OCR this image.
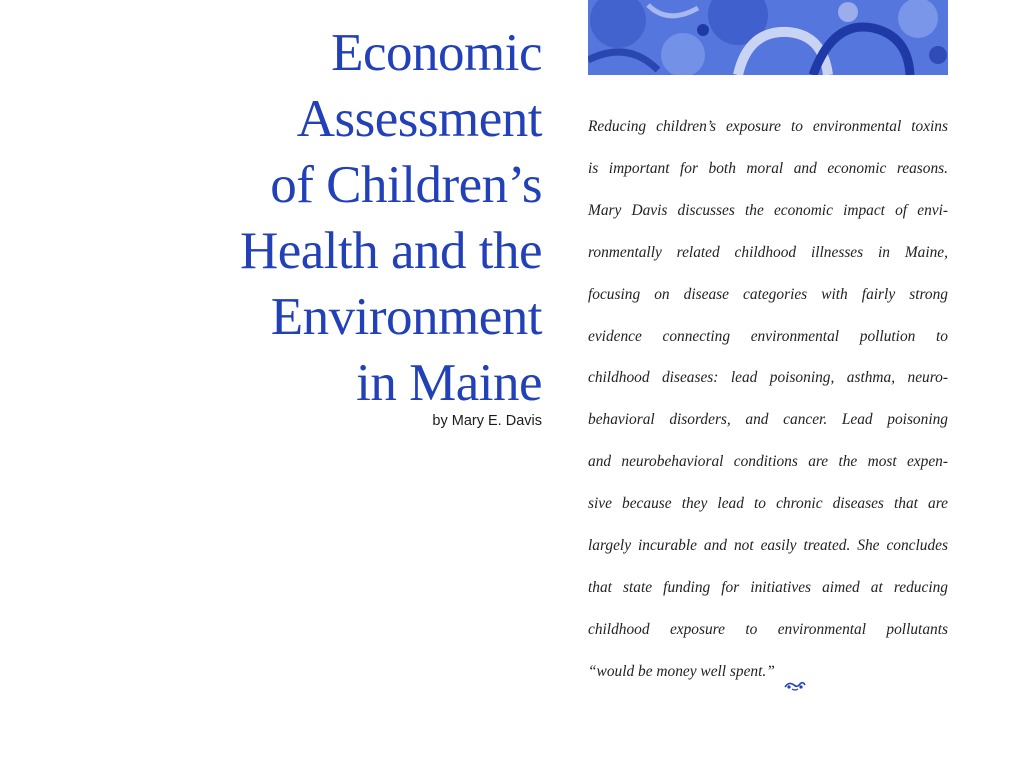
Economic
Assessment
of Children’s
Health and the
Environment
in Maine
by Mary E. Davis
Reducing children’s exposure to environmental toxins
is important for both moral and economic reasons.
Mary Davis discusses the economic impact of envi-
ronmentally related childhood illnesses in Maine,
focusing on disease categories with fairly strong
evidence connecting environmental pollution to
childhood diseases: lead poisoning, asthma, neuro-
behavioral disorders, and cancer. Lead poisoning
and neurobehavioral conditions are the most expen-
sive because they lead to chronic diseases that are
largely incurable and not easily treated. She concludes
that state funding for initiatives aimed at reducing
childhood exposure to environmental pollutants
“would be money well spent.”
